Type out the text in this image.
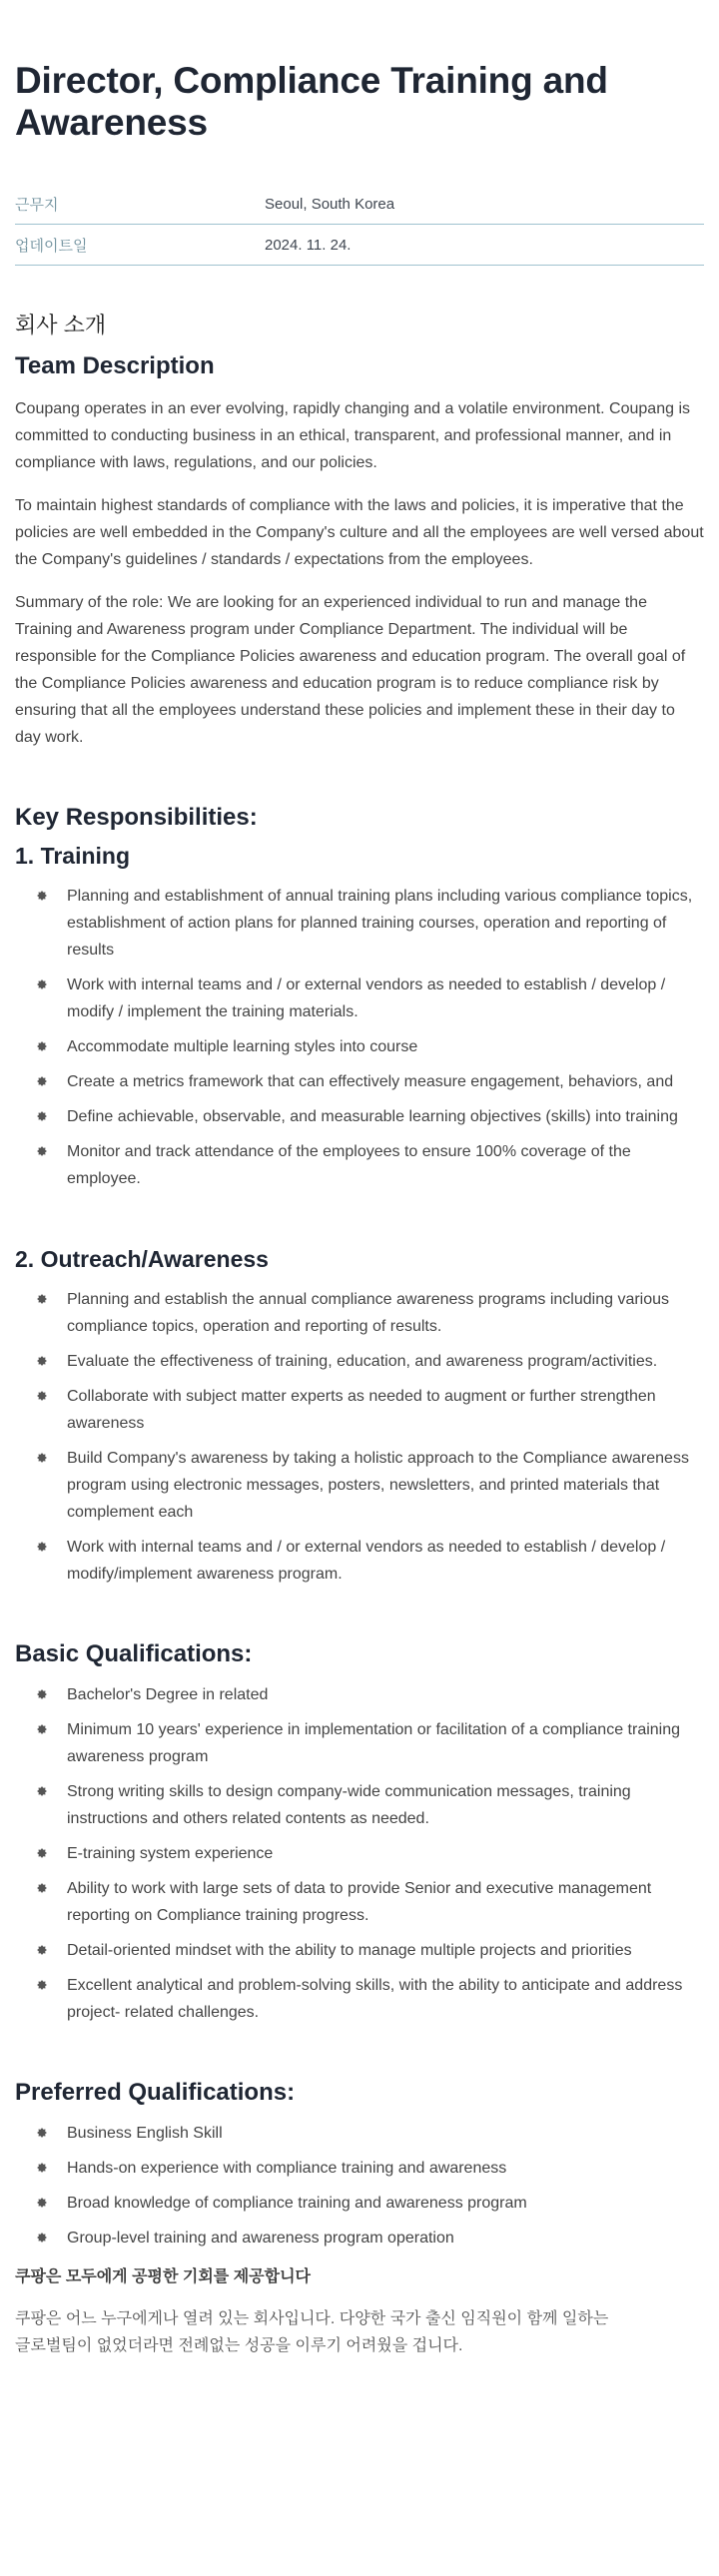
Director, Compliance Training and Awareness
근무지	Seoul, South Korea
업데이트일	2024. 11. 24.
회사 소개
Team Description

Coupang operates in an ever evolving, rapidly changing and a volatile environment. Coupang is committed to conducting business in an ethical, transparent, and professional manner, and in compliance with laws, regulations, and our policies.

To maintain highest standards of compliance with the laws and policies, it is imperative that the policies are well embedded in the Company's culture and all the employees are well versed about the Company's guidelines / standards / expectations from the employees.

Summary of the role: We are looking for an experienced individual to run and manage the Training and Awareness program under Compliance Department. The individual will be responsible for the Compliance Policies awareness and education program. The overall goal of the Compliance Policies awareness and education program is to reduce compliance risk by ensuring that all the employees understand these policies and implement these in their day to day work.

Key Responsibilities:
1. Training
Planning and establishment of annual training plans including various compliance topics, establishment of action plans for planned training courses, operation and reporting of results
Work with internal teams and / or external vendors as needed to establish / develop / modify / implement the training materials.
Accommodate multiple learning styles into course
Create a metrics framework that can effectively measure engagement, behaviors, and
Define achievable, observable, and measurable learning objectives (skills) into training
Monitor and track attendance of the employees to ensure 100% coverage of the employee.
2. Outreach/Awareness
Planning and establish the annual compliance awareness programs including various compliance topics, operation and reporting of results.
Evaluate the effectiveness of training, education, and awareness program/activities.
Collaborate with subject matter experts as needed to augment or further strengthen awareness
Build Company's awareness by taking a holistic approach to the Compliance awareness program using electronic messages, posters, newsletters, and printed materials that complement each
Work with internal teams and / or external vendors as needed to establish / develop / modify/implement awareness program.
Basic Qualifications:
Bachelor's Degree in related
Minimum 10 years' experience in implementation or facilitation of a compliance training awareness program
Strong writing skills to design company-wide communication messages, training instructions and others related contents as needed.
E-training system experience
Ability to work with large sets of data to provide Senior and executive management reporting on Compliance training progress.
Detail-oriented mindset with the ability to manage multiple projects and priorities
Excellent analytical and problem-solving skills, with the ability to anticipate and address project- related challenges.
Preferred Qualifications:
Business English Skill
Hands-on experience with compliance training and awareness
Broad knowledge of compliance training and awareness program
Group-level training and awareness program operation
쿠팡은 모두에게 공평한 기회를 제공합니다
쿠팡은 어느 누구에게나 열려 있는 회사입니다. 다양한 국가 출신 임직원이 함께 일하는
글로벌팀이 없었더라면 전례없는 성공을 이루기 어려웠을 겁니다.
